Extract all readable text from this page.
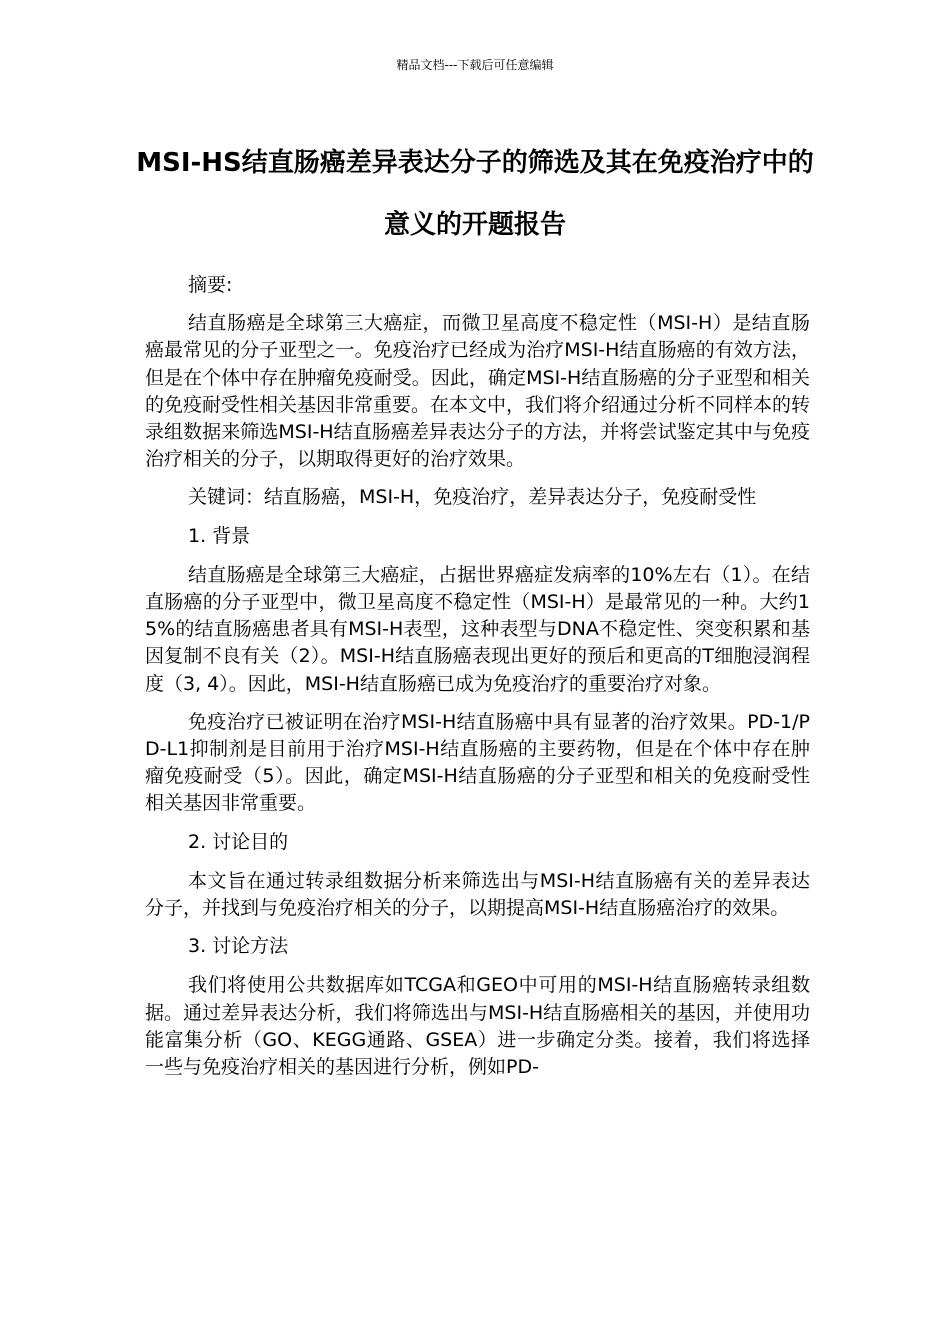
精品文档---下载后可任意编辑
MSI-HS结直肠癌差异表达分子的筛选及其在免疫治疗中的意义的开题报告

摘要:

结直肠癌是全球第三大癌症，而微卫星高度不稳定性（MSI-H）是结直肠癌最常见的分子亚型之一。免疫治疗已经成为治疗MSI-H结直肠癌的有效方法，但是在个体中存在肿瘤免疫耐受。因此，确定MSI-H结直肠癌的分子亚型和相关的免疫耐受性相关基因非常重要。在本文中，我们将介绍通过分析不同样本的转录组数据来筛选MSI-H结直肠癌差异表达分子的方法，并将尝试鉴定其中与免疫治疗相关的分子，以期取得更好的治疗效果。

关键词：结直肠癌，MSI-H，免疫治疗，差异表达分子，免疫耐受性

1. 背景

结直肠癌是全球第三大癌症，占据世界癌症发病率的10%左右（1）。在结直肠癌的分子亚型中，微卫星高度不稳定性（MSI-H）是最常见的一种。大约15%的结直肠癌患者具有MSI-H表型，这种表型与DNA不稳定性、突变积累和基因复制不良有关（2）。MSI-H结直肠癌表现出更好的预后和更高的T细胞浸润程度（3, 4）。因此，MSI-H结直肠癌已成为免疫治疗的重要治疗对象。

免疫治疗已被证明在治疗MSI-H结直肠癌中具有显著的治疗效果。PD-1/PD-L1抑制剂是目前用于治疗MSI-H结直肠癌的主要药物，但是在个体中存在肿瘤免疫耐受（5）。因此，确定MSI-H结直肠癌的分子亚型和相关的免疫耐受性相关基因非常重要。

2. 讨论目的

本文旨在通过转录组数据分析来筛选出与MSI-H结直肠癌有关的差异表达分子，并找到与免疫治疗相关的分子，以期提高MSI-H结直肠癌治疗的效果。

3. 讨论方法

我们将使用公共数据库如TCGA和GEO中可用的MSI-H结直肠癌转录组数据。通过差异表达分析，我们将筛选出与MSI-H结直肠癌相关的基因，并使用功能富集分析（GO、KEGG通路、GSEA）进一步确定分类。接着，我们将选择一些与免疫治疗相关的基因进行分析，例如PD-
